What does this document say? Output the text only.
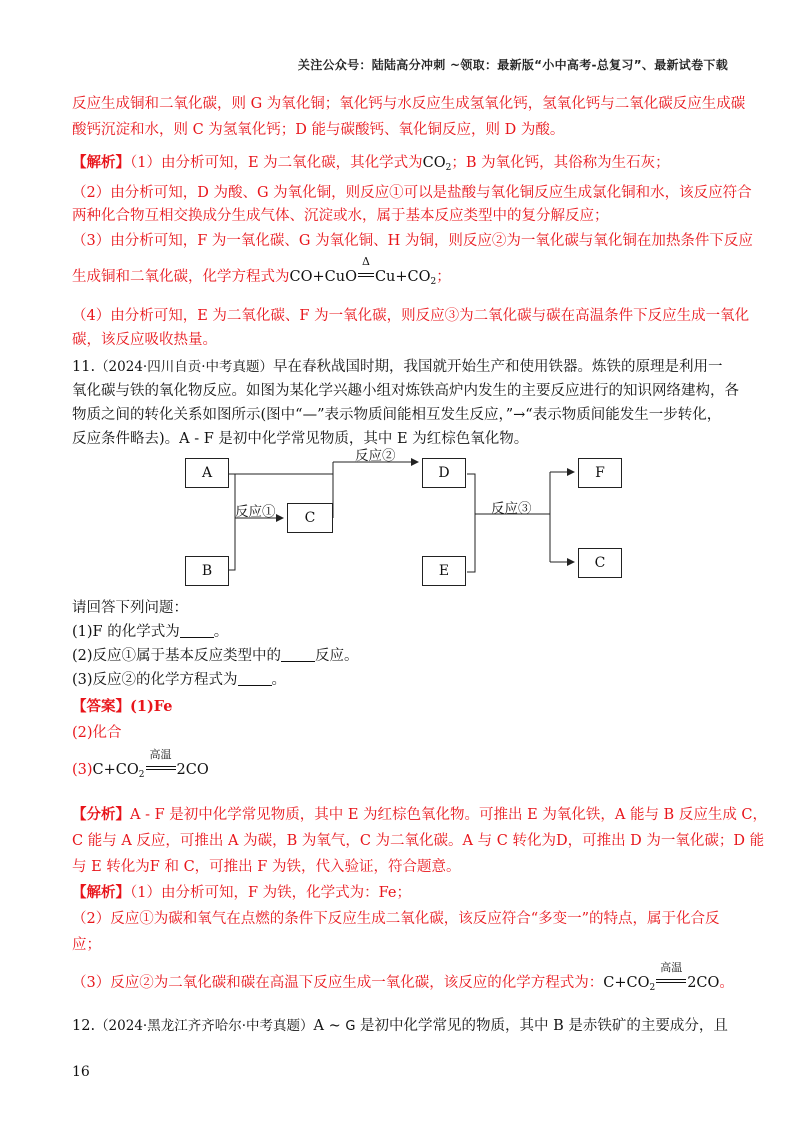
关注公众号：陆陆高分冲刺 ~领取：最新版“小中高考-总复习”、最新试卷下载
反应生成铜和二氧化碳，则 G 为氧化铜；氧化钙与水反应生成氢氧化钙，氢氧化钙与二氧化碳反应生成碳
酸钙沉淀和水，则 C 为氢氧化钙；D 能与碳酸钙、氧化铜反应，则 D 为酸。
【解析】（1）由分析可知，E 为二氧化碳，其化学式为$CO_2$；B 为氧化钙，其俗称为生石灰；
（2）由分析可知，D 为酸、G 为氧化铜，则反应①可以是盐酸与氧化铜反应生成氯化铜和水，该反应符合
两种化合物互相交换成分生成气体、沉淀或水，属于基本反应类型中的复分解反应；
（3）由分析可知，F 为一氧化碳、G 为氧化铜、H 为铜，则反应②为一氧化碳与氧化铜在加热条件下反应
生成铜和二氧化碳，化学方程式为CO+CuO
Δ
$Cu+CO_2$；
（4）由分析可知，E 为二氧化碳、F 为一氧化碳，则反应③为二氧化碳与碳在高温条件下反应生成一氧化
碳，该反应吸收热量。
11.（2024·四川自贡·中考真题）早在春秋战国时期，我国就开始生产和使用铁器。炼铁的原理是利用一
氧化碳与铁的氧化物反应。如图为某化学兴趣小组对炼铁高炉内发生的主要反应进行的知识网络建构，各
物质之间的转化关系如图所示(图中“—”表示物质间能相互发生反应，”→“表示物质间能发生一步转化，
反应条件略去)。A - F 是初中化学常见物质，其中 E 为红棕色氧化物。
A
B
C
D
E
F
C
反应①
反应②
反应③
请回答下列问题：
(1)F 的化学式为 。
(2)反应①属于基本反应类型中的 反应。
(3)反应②的化学方程式为 。
【答案】(1)Fe
(2)化合
$(3)C+CO_2$
高温
2CO
【分析】A - F 是初中化学常见物质，其中 E 为红棕色氧化物。可推出 E 为氧化铁，A 能与 B 反应生成 C，
C 能与 A 反应，可推出 A 为碳，B 为氧气，C 为二氧化碳。A 与 C 转化为D，可推出 D 为一氧化碳；D 能
与 E 转化为F 和 C，可推出 F 为铁，代入验证，符合题意。
【解析】（1）由分析可知，F 为铁，化学式为：Fe；
（2）反应①为碳和氧气在点燃的条件下反应生成二氧化碳，该反应符合“多变一”的特点，属于化合反
应；
（3）反应②为二氧化碳和碳在高温下反应生成一氧化碳，该反应的化学方程式为：$C+CO_2$
高温
2CO。
12.（2024·黑龙江齐齐哈尔·中考真题）A ~ G 是初中化学常见的物质，其中 B 是赤铁矿的主要成分，且
16
